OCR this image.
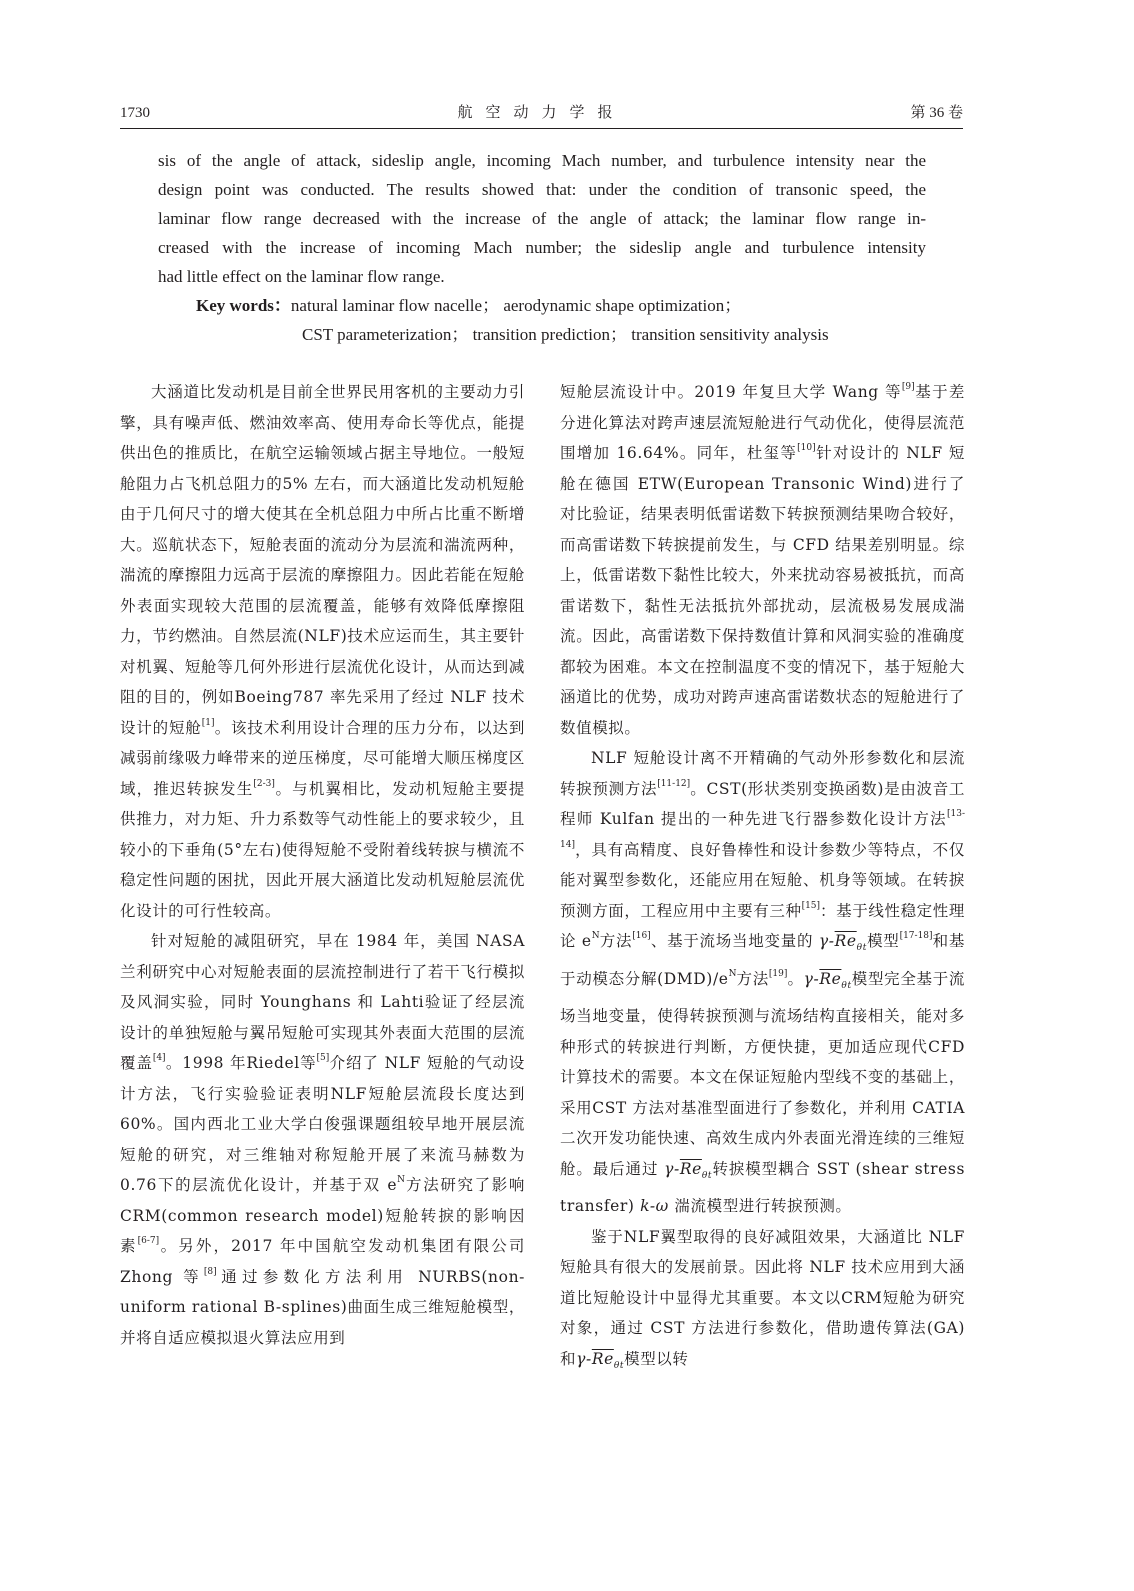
1730	航空动力学报	第 36 卷
sis of the angle of attack, sideslip angle, incoming Mach number, and turbulence intensity near the
design point was conducted. The results showed that: under the condition of transonic speed, the
laminar flow range decreased with the increase of the angle of attack; the laminar flow range in-
creased with the increase of incoming Mach number; the sideslip angle and turbulence intensity
had little effect on the laminar flow range.
Key words：natural laminar flow nacelle； aerodynamic shape optimization；
CST parameterization； transition prediction； transition sensitivity analysis

大涵道比发动机是目前全世界民用客机的主要动力引擎，具有噪声低、燃油效率高、使用寿命长等优点，能提供出色的推质比，在航空运输领域占据主导地位。一般短舱阻力占飞机总阻力的5% 左右，而大涵道比发动机短舱由于几何尺寸的增大使其在全机总阻力中所占比重不断增大。巡航状态下，短舱表面的流动分为层流和湍流两种，湍流的摩擦阻力远高于层流的摩擦阻力。因此若能在短舱外表面实现较大范围的层流覆盖，能够有效降低摩擦阻力，节约燃油。自然层流(NLF)技术应运而生，其主要针对机翼、短舱等几何外形进行层流优化设计，从而达到减阻的目的，例如Boeing787 率先采用了经过 NLF 技术设计的短舱[1]。该技术利用设计合理的压力分布，以达到减弱前缘吸力峰带来的逆压梯度，尽可能增大顺压梯度区域，推迟转捩发生[2-3]。与机翼相比，发动机短舱主要提供推力，对力矩、升力系数等气动性能上的要求较少，且较小的下垂角(5°左右)使得短舱不受附着线转捩与横流不稳定性问题的困扰，因此开展大涵道比发动机短舱层流优化设计的可行性较高。

针对短舱的减阻研究，早在 1984 年，美国 NASA 兰利研究中心对短舱表面的层流控制进行了若干飞行模拟及风洞实验，同时 Younghans 和 Lahti验证了经层流设计的单独短舱与翼吊短舱可实现其外表面大范围的层流覆盖[4]。1998 年Riedel等[5]介绍了 NLF 短舱的气动设计方法，飞行实验验证表明NLF短舱层流段长度达到60%。国内西北工业大学白俊强课题组较早地开展层流短舱的研究，对三维轴对称短舱开展了来流马赫数为0.76下的层流优化设计，并基于双 $e^N$方法研究了影响 CRM(common research model)短舱转捩的影响因素[6-7]。另外，2017 年中国航空发动机集团有限公司 Zhong 等[8]通过参数化方法利用 NURBS(non-uniform rational B-splines)曲面生成三维短舱模型，并将自适应模拟退火算法应用到

短舱层流设计中。2019 年复旦大学 Wang 等[9]基于差分进化算法对跨声速层流短舱进行气动优化，使得层流范围增加 16.64%。同年，杜玺等[10]针对设计的 NLF 短舱在德国 ETW(European Transonic Wind)进行了对比验证，结果表明低雷诺数下转捩预测结果吻合较好，而高雷诺数下转捩提前发生，与 CFD 结果差别明显。综上，低雷诺数下黏性比较大，外来扰动容易被抵抗，而高雷诺数下，黏性无法抵抗外部扰动，层流极易发展成湍流。因此，高雷诺数下保持数值计算和风洞实验的准确度都较为困难。本文在控制温度不变的情况下，基于短舱大涵道比的优势，成功对跨声速高雷诺数状态的短舱进行了数值模拟。

NLF 短舱设计离不开精确的气动外形参数化和层流转捩预测方法[11-12]。CST(形状类别变换函数)是由波音工程师 Kulfan 提出的一种先进飞行器参数化设计方法[13-14]，具有高精度、良好鲁棒性和设计参数少等特点，不仅能对翼型参数化，还能应用在短舱、机身等领域。在转捩预测方面，工程应用中主要有三种[15]：基于线性稳定性理论 $e^N$方法[16]、基于流场当地变量的 $\gamma-\overline{Re}_{\theta t}$模型[17-18]和基于动模态分解$(DMD)/e^N$方法[19]。$\gamma-\overline{Re}_{\theta t}$模型完全基于流场当地变量，使得转捩预测与流场结构直接相关，能对多种形式的转捩进行判断，方便快捷，更加适应现代CFD计算技术的需要。本文在保证短舱内型线不变的基础上，采用CST 方法对基准型面进行了参数化，并利用 CATIA 二次开发功能快速、高效生成内外表面光滑连续的三维短舱。最后通过 $\gamma-\overline{Re}_{\theta t}$转捩模型耦合 SST (shear stress transfer) k-ω 湍流模型进行转捩预测。

鉴于NLF翼型取得的良好减阻效果，大涵道比 NLF 短舱具有很大的发展前景。因此将 NLF 技术应用到大涵道比短舱设计中显得尤其重要。本文以CRM短舱为研究对象，通过 CST 方法进行参数化，借助遗传算法(GA)和$\gamma-\overline{Re}_{\theta t}$模型以转
